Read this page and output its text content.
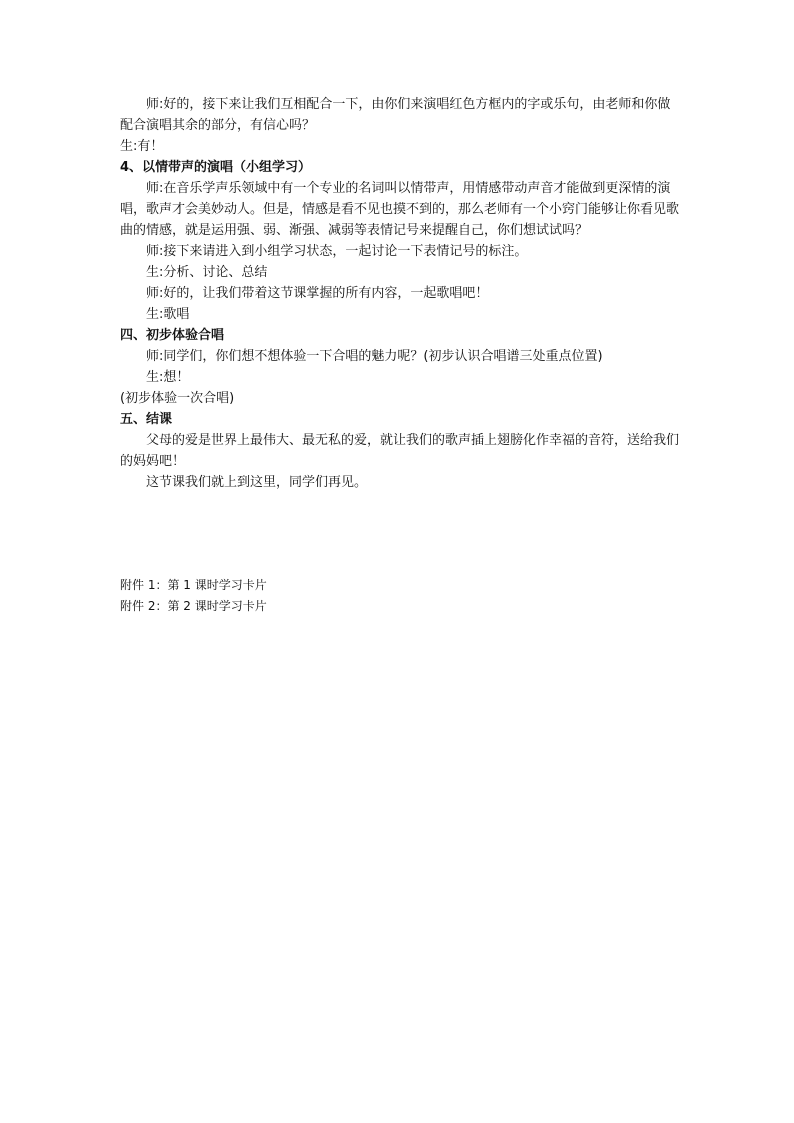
师:好的，接下来让我们互相配合一下，由你们来演唱红色方框内的字或乐句，由老师和你做配合演唱其余的部分，有信心吗？

生:有！

4、以情带声的演唱（小组学习）

师:在音乐学声乐领域中有一个专业的名词叫以情带声，用情感带动声音才能做到更深情的演唱，歌声才会美妙动人。但是，情感是看不见也摸不到的，那么老师有一个小窍门能够让你看见歌曲的情感，就是运用强、弱、渐强、减弱等表情记号来提醒自己，你们想试试吗？

师:接下来请进入到小组学习状态，一起讨论一下表情记号的标注。

生:分析、讨论、总结

师:好的，让我们带着这节课掌握的所有内容，一起歌唱吧！

生:歌唱

四、初步体验合唱

师:同学们，你们想不想体验一下合唱的魅力呢？(初步认识合唱谱三处重点位置)

生:想！

(初步体验一次合唱)

五、结课

父母的爱是世界上最伟大、最无私的爱，就让我们的歌声插上翅膀化作幸福的音符，送给我们的妈妈吧！

这节课我们就上到这里，同学们再见。

附件 1：第 1 课时学习卡片

附件 2：第 2 课时学习卡片
